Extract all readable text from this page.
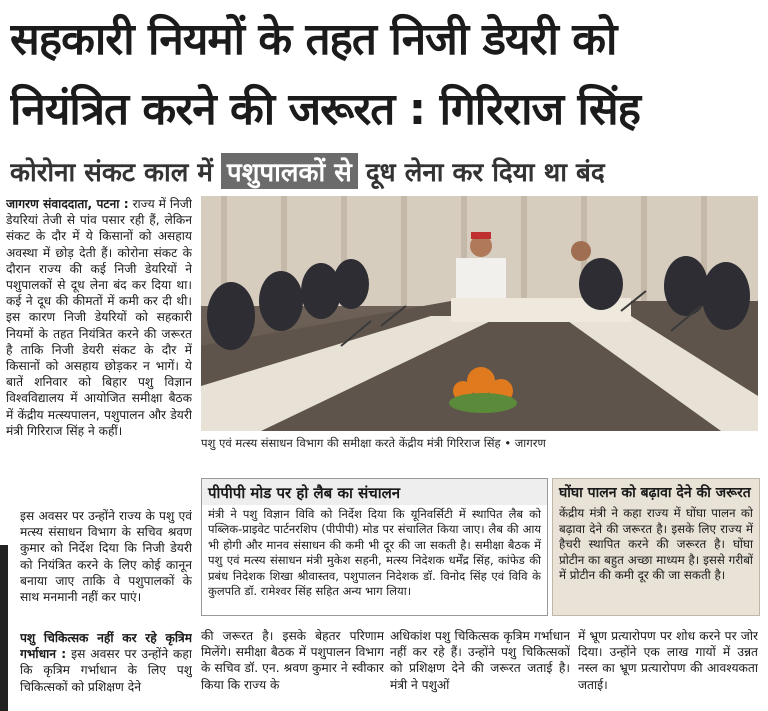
सहकारी नियमों के तहत निजी डेयरी को
नियंत्रित करने की जरूरत : गिरिराज सिंह
कोरोना संकट काल में पशुपालकों से दूध लेना कर दिया था बंद
जागरण संवाददाता, पटना : राज्य में निजी डेयरियां तेजी से पांव पसार रही हैं, लेकिन संकट के दौर में ये किसानों को असहाय अवस्था में छोड़ देती हैं। कोरोना संकट के दौरान राज्य की कई निजी डेयरियों ने पशुपालकों से दूध लेना बंद कर दिया था। कई ने दूध की कीमतों में कमी कर दी थी। इस कारण निजी डेयरियों को सहकारी नियमों के तहत नियंत्रित करने की जरूरत है ताकि निजी डेयरी संकट के दौर में किसानों को असहाय छोड़कर न भागें। ये बातें शनिवार को बिहार पशु विज्ञान विश्वविद्यालय में आयोजित समीक्षा बैठक में केंद्रीय मत्स्यपालन, पशुपालन और डेयरी मंत्री गिरिराज सिंह ने कहीं।
इस अवसर पर उन्होंने राज्य के पशु एवं मत्स्य संसाधन विभाग के सचिव श्रवण कुमार को निर्देश दिया कि निजी डेयरी को नियंत्रित करने के लिए कोई कानून बनाया जाए ताकि वे पशुपालकों के साथ मनमानी नहीं कर पाएं।
पशु चिकित्सक नहीं कर रहे कृत्रिम गर्भाधान : इस अवसर पर उन्होंने कहा कि कृत्रिम गर्भाधान के लिए पशु चिकित्सकों को प्रशिक्षण देने
पशु एवं मत्स्य संसाधन विभाग की समीक्षा करते केंद्रीय मंत्री गिरिराज सिंह • जागरण
पीपीपी मोड पर हो लैब का संचालन
मंत्री ने पशु विज्ञान विवि को निर्देश दिया कि यूनिवर्सिटी में स्थापित लैब को पब्लिक-प्राइवेट पार्टनरशिप (पीपीपी) मोड पर संचालित किया जाए। लैब की आय भी होगी और मानव संसाधन की कमी भी दूर की जा सकती है। समीक्षा बैठक में पशु एवं मत्स्य संसाधन मंत्री मुकेश सहनी, मत्स्य निदेशक धर्मेंद्र सिंह, कांफेड की प्रबंध निदेशक शिखा श्रीवास्तव, पशुपालन निदेशक डॉ. विनोद सिंह एवं विवि के कुलपति डॉ. रामेश्वर सिंह सहित अन्य भाग लिया।
घोंघा पालन को बढ़ावा देने की जरूरत
केंद्रीय मंत्री ने कहा राज्य में घोंघा पालन को बढ़ावा देने की जरूरत है। इसके लिए राज्य में हैचरी स्थापित करने की जरूरत है। घोंघा प्रोटीन का बहुत अच्छा माध्यम है। इससे गरीबों में प्रोटीन की कमी दूर की जा सकती है।
की जरूरत है। इसके बेहतर परिणाम मिलेंगे। समीक्षा बैठक में पशुपालन विभाग के सचिव डॉ. एन. श्रवण कुमार ने स्वीकार किया कि राज्य के
अधिकांश पशु चिकित्सक कृत्रिम गर्भाधान नहीं कर रहे हैं। उन्होंने पशु चिकित्सकों को प्रशिक्षण देने की जरूरत जताई है। मंत्री ने पशुओं
में भ्रूण प्रत्यारोपण पर शोध करने पर जोर दिया। उन्होंने एक लाख गायों में उन्नत नस्ल का भ्रूण प्रत्यारोपण की आवश्यकता जताई।
